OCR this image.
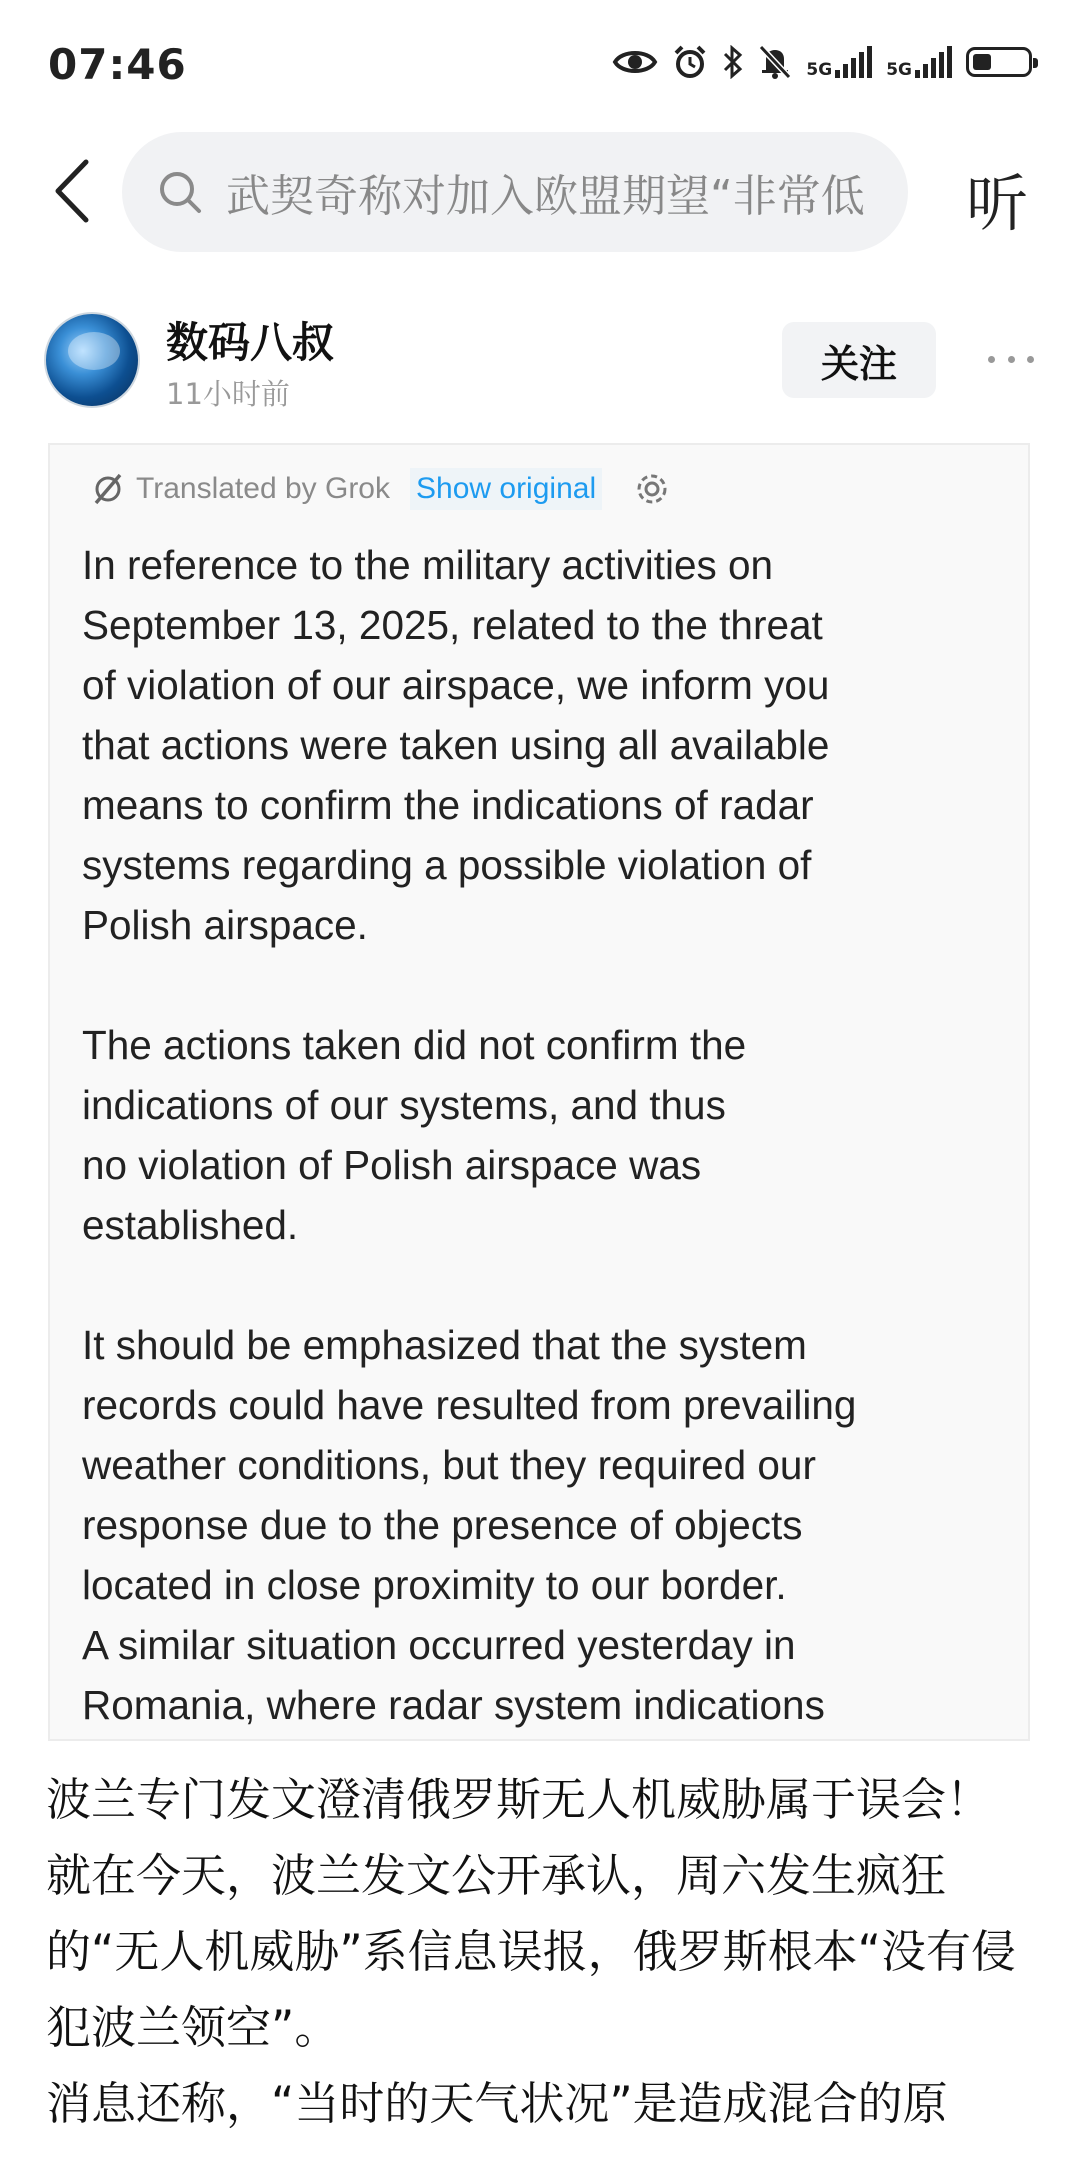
07:46	5G	5G
武契奇称对加入欧盟期望“非常低 听
数码八叔
11小时前
关注
Translated by Grok Show original

In reference to the military activities on
September 13, 2025, related to the threat
of violation of our airspace, we inform you
that actions were taken using all available
means to confirm the indications of radar
systems regarding a possible violation of
Polish airspace.

The actions taken did not confirm the
indications of our systems, and thus
no violation of Polish airspace was
established.

It should be emphasized that the system
records could have resulted from prevailing
weather conditions, but they required our
response due to the presence of objects
located in close proximity to our border.
A similar situation occurred yesterday in
Romania, where radar system indications

波兰专门发文澄清俄罗斯无人机威胁属于误会！

就在今天，波兰发文公开承认，周六发生疯狂的“无人机威胁”系信息误报，俄罗斯根本“没有侵犯波兰领空”。

消息还称，“当时的天气状况”是造成混合的原
